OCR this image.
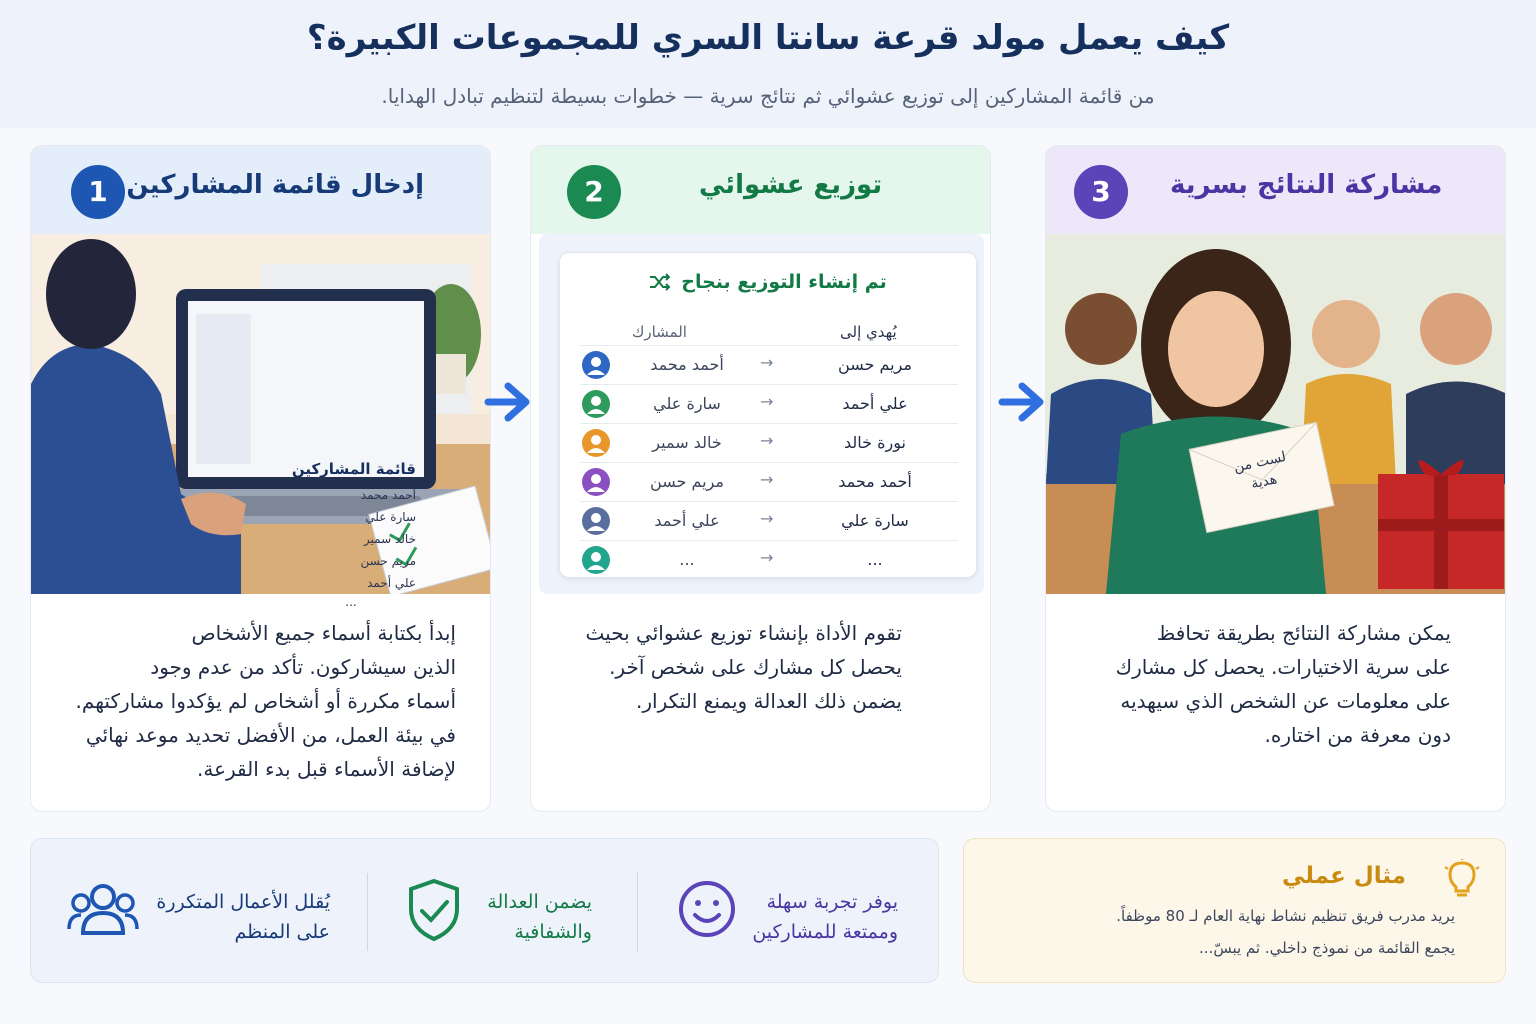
كيف يعمل مولد قرعة سانتا السري للمجموعات الكبيرة؟

من قائمة المشاركين إلى توزيع عشوائي ثم نتائج سرية — خطوات بسيطة لتنظيم تبادل الهدايا.

1 إدخال قائمة المشاركين
قائمة المشاركين
أحمد محمد
سارة علي
خالد سمير
مريم حسن
علي أحمد
...
إبدأ بكتابة أسماء جميع الأشخاص
الذين سيشاركون. تأكد من عدم وجود
أسماء مكررة أو أشخاص لم يؤكدوا مشاركتهم.
في بيئة العمل، من الأفضل تحديد موعد نهائي
لإضافة الأسماء قبل بدء القرعة.
2	توزيع عشوائي
تم إنشاء التوزيع بنجاح
المشارك	يُهدي إلى
أحمد محمد	→	مريم حسن
سارة علي	→	علي أحمد
خالد سمير	→	نورة خالد
مريم حسن	→	أحمد محمد
علي أحمد	→	سارة علي
...	→	...
تقوم الأداة بإنشاء توزيع عشوائي بحيث
يحصل كل مشارك على شخص آخر.
يضمن ذلك العدالة ويمنع التكرار.
3	مشاركة النتائج بسرية
لست من
هدية
يمكن مشاركة النتائج بطريقة تحافظ
على سرية الاختيارات. يحصل كل مشارك
على معلومات عن الشخص الذي سيهديه
دون معرفة من اختاره.
يُقلل الأعمال المتكررة
على المنظم
يضمن العدالة
والشفافية
يوفر تجربة سهلة
وممتعة للمشاركين
مثال عملي
يريد مدرب فريق تنظيم نشاط نهاية العام لـ 80 موظفاً.
يجمع القائمة من نموذج داخلي. ثم يبسّ...
